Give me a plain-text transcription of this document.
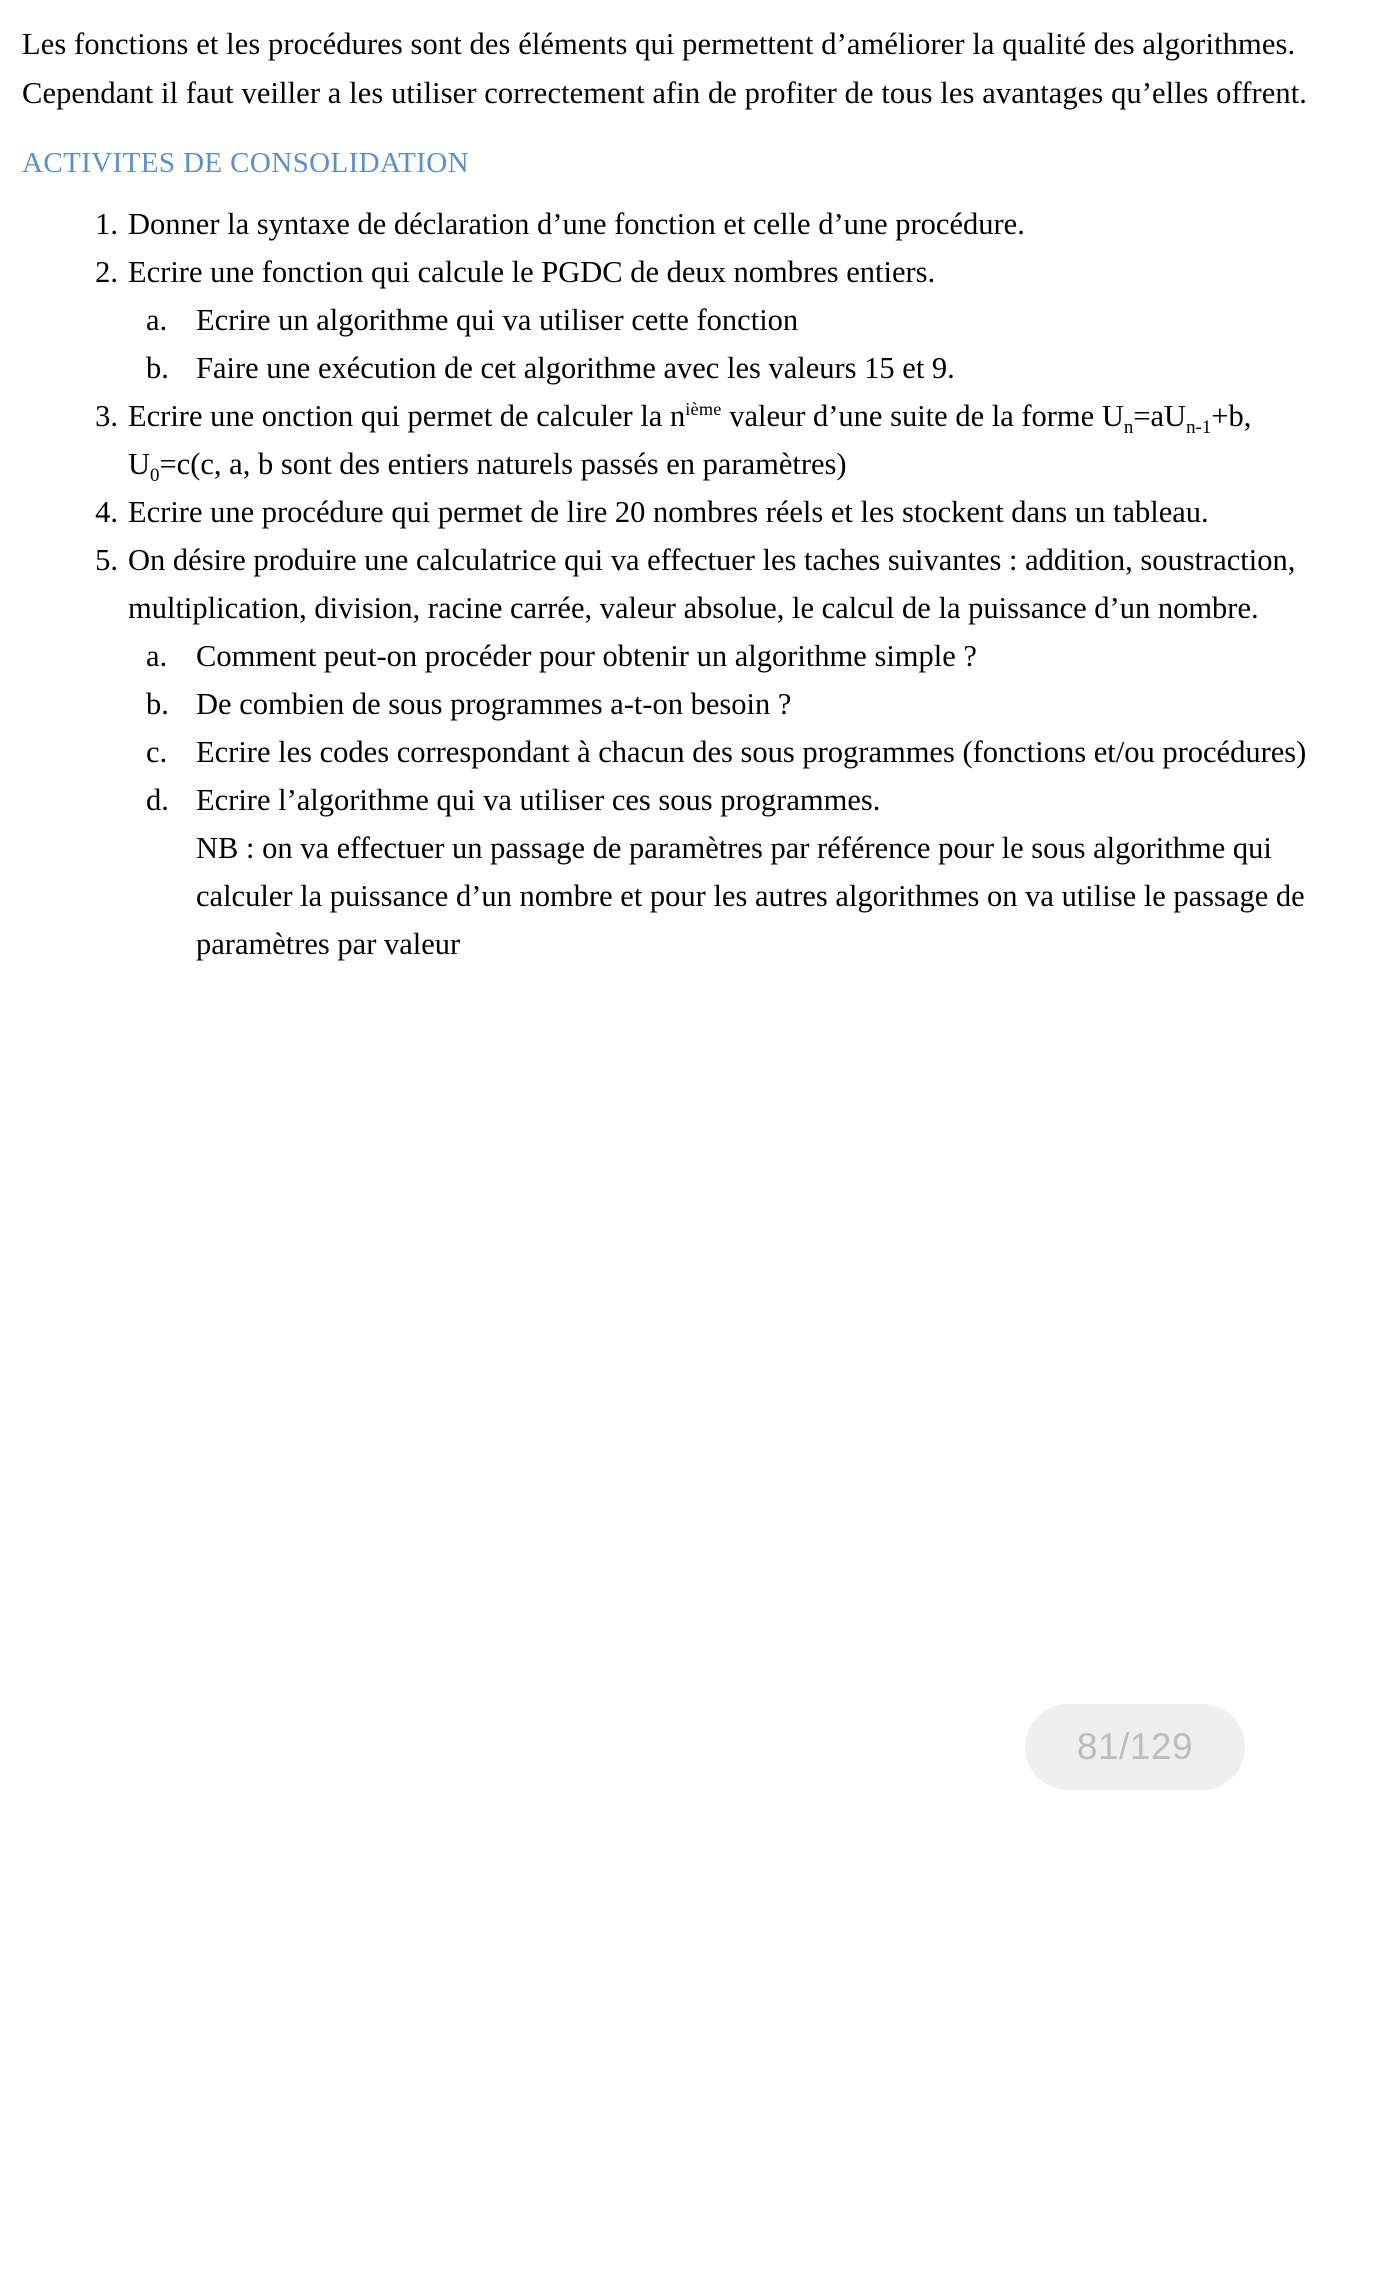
Les fonctions et les procédures sont des éléments qui permettent d’améliorer la qualité des algorithmes. Cependant il faut veiller a les utiliser correctement afin de profiter de tous les avantages qu’elles offrent.

ACTIVITES DE CONSOLIDATION
1. Donner la syntaxe de déclaration d’une fonction et celle d’une procédure.
2. Ecrire une fonction qui calcule le PGDC de deux nombres entiers.
a. Ecrire un algorithme qui va utiliser cette fonction
b. Faire une exécution de cet algorithme avec les valeurs 15 et 9.
3. Ecrire une onction qui permet de calculer la $n^{ième}$ valeur d’une suite de la forme $U_n=aU_{n-1}+b$, $U_0=c(c$, a, b sont des entiers naturels passés en paramètres)
4. Ecrire une procédure qui permet de lire 20 nombres réels et les stockent dans un tableau.
5. On désire produire une calculatrice qui va effectuer les taches suivantes : addition, soustraction, multiplication, division, racine carrée, valeur absolue, le calcul de la puissance d’un nombre.
a. Comment peut-on procéder pour obtenir un algorithme simple ?
b. De combien de sous programmes a-t-on besoin ?
c. Ecrire les codes correspondant à chacun des sous programmes (fonctions et/ou procédures)
d. Ecrire l’algorithme qui va utiliser ces sous programmes.

NB : on va effectuer un passage de paramètres par référence pour le sous algorithme qui calculer la puissance d’un nombre et pour les autres algorithmes on va utilise le passage de paramètres par valeur

81/129
